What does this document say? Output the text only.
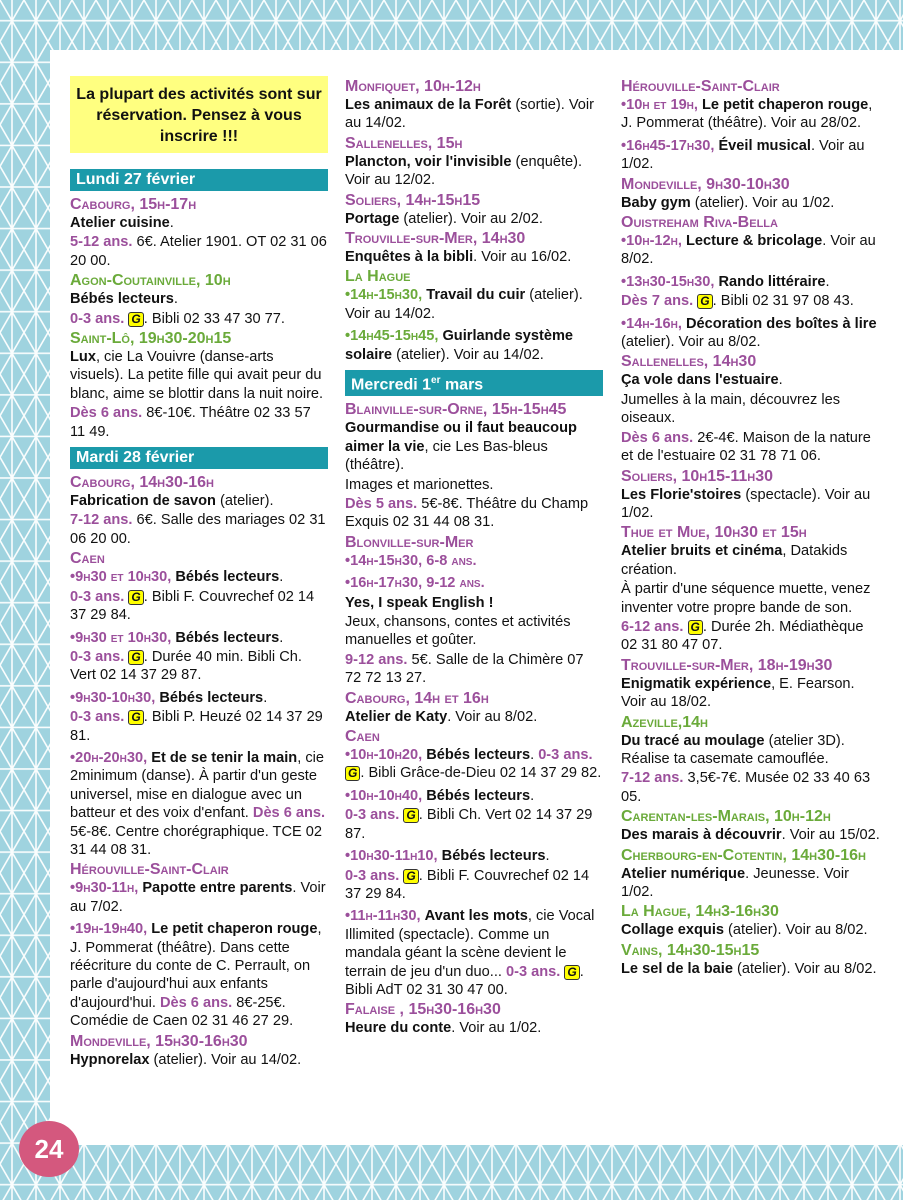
La plupart des activités sont sur réservation. Pensez à vous inscrire !!!
Lundi 27 février
Cabourg, 15h-17h

Atelier cuisine.

5-12 ans. 6€. Atelier 1901. OT 02 31 06 20 00.

Agon-Coutainville, 10h

Bébés lecteurs.

0-3 ans. G . Bibli 02 33 47 30 77.

Saint-Lô, 19h30-20h15

Lux, cie La Vouivre (danse-arts visuels). La petite fille qui avait peur du blanc, aime se blottir dans la nuit noire.

Dès 6 ans. 8€-10€. Théâtre 02 33 57 11 49.

Mardi 28 février
Cabourg, 14h30-16h

Fabrication de savon (atelier).

7-12 ans. 6€. Salle des mariages 02 31 06 20 00.

Caen

•9h30 et 10h30, Bébés lecteurs.

0-3 ans. G . Bibli F. Couvrechef 02 14 37 29 84.

•9h30 et 10h30, Bébés lecteurs.

0-3 ans. G . Durée 40 min. Bibli Ch. Vert 02 14 37 29 87.

•9h30-10h30, Bébés lecteurs.

0-3 ans. G . Bibli P. Heuzé 02 14 37 29 81.

•20h-20h30, Et de se tenir la main, cie 2minimum (danse). À partir d'un geste universel, mise en dialogue avec un batteur et des voix d'enfant. Dès 6 ans. 5€-8€. Centre chorégraphique. TCE 02 31 44 08 31.

Hérouville-Saint-Clair

•9h30-11h, Papotte entre parents. Voir au 7/02.

•19h-19h40, Le petit chaperon rouge, J. Pommerat (théâtre). Dans cette réécriture du conte de C. Perrault, on parle d'aujourd'hui aux enfants d'aujourd'hui. Dès 6 ans. 8€-25€. Comédie de Caen 02 31 46 27 29.

Mondeville, 15h30-16h30

Hypnorelax (atelier). Voir au 14/02.

Monfiquet, 10h-12h

Les animaux de la Forêt (sortie). Voir au 14/02.

Sallenelles, 15h

Plancton, voir l'invisible (enquête). Voir au 12/02.

Soliers, 14h-15h15

Portage (atelier). Voir au 2/02.

Trouville-sur-Mer, 14h30

Enquêtes à la bibli. Voir au 16/02.

La Hague

•14h-15h30, Travail du cuir (atelier). Voir au 14/02.

•14h45-15h45, Guirlande système solaire (atelier). Voir au 14/02.

Mercredi 1er mars
Blainville-sur-Orne, 15h-15h45

Gourmandise ou il faut beaucoup aimer la vie, cie Les Bas-bleus (théâtre).

Images et marionettes.

Dès 5 ans. 5€-8€. Théâtre du Champ Exquis 02 31 44 08 31.

Blonville-sur-Mer

•14h-15h30, 6-8 ans.

•16h-17h30, 9-12 ans.

Yes, I speak English !

Jeux, chansons, contes et activités manuelles et goûter.

9-12 ans. 5€. Salle de la Chimère 07 72 72 13 27.

Cabourg, 14h et 16h

Atelier de Katy. Voir au 8/02.

Caen

•10h-10h20, Bébés lecteurs. 0-3 ans. G . Bibli Grâce-de-Dieu 02 14 37 29 82.

•10h-10h40, Bébés lecteurs.

0-3 ans. G . Bibli Ch. Vert 02 14 37 29 87.

•10h30-11h10, Bébés lecteurs.

0-3 ans. G . Bibli F. Couvrechef 02 14 37 29 84.

•11h-11h30, Avant les mots, cie Vocal Illimited (spectacle). Comme un mandala géant la scène devient le terrain de jeu d'un duo... 0-3 ans. G . Bibli AdT 02 31 30 47 00.

Falaise , 15h30-16h30

Heure du conte. Voir au 1/02.

Hérouville-Saint-Clair

•10h et 19h, Le petit chaperon rouge, J. Pommerat (théâtre). Voir au 28/02.

•16h45-17h30, Éveil musical. Voir au 1/02.

Mondeville, 9h30-10h30

Baby gym (atelier). Voir au 1/02.

Ouistreham Riva-Bella

•10h-12h, Lecture & bricolage. Voir au 8/02.

•13h30-15h30, Rando littéraire.

Dès 7 ans. G . Bibli 02 31 97 08 43.

•14h-16h, Décoration des boîtes à lire (atelier). Voir au 8/02.

Sallenelles, 14h30

Ça vole dans l'estuaire.

Jumelles à la main, découvrez les oiseaux.

Dès 6 ans. 2€-4€. Maison de la nature et de l'estuaire 02 31 78 71 06.

Soliers, 10h15-11h30

Les Florie'stoires (spectacle). Voir au 1/02.

Thue et Mue, 10h30 et 15h

Atelier bruits et cinéma, Datakids création.

À partir d'une séquence muette, venez inventer votre propre bande de son.

6-12 ans. G . Durée 2h. Médiathèque 02 31 80 47 07.

Trouville-sur-Mer, 18h-19h30

Enigmatik expérience, E. Fearson. Voir au 18/02.

Azeville,14h

Du tracé au moulage (atelier 3D). Réalise ta casemate camouflée.

7-12 ans. 3,5€-7€. Musée 02 33 40 63 05.

Carentan-les-Marais, 10h-12h

Des marais à découvrir. Voir au 15/02.

Cherbourg-en-Cotentin, 14h30-16h

Atelier numérique. Jeunesse. Voir 1/02.

La Hague, 14h3-16h30

Collage exquis (atelier). Voir au 8/02.

Vains, 14h30-15h15

Le sel de la baie (atelier). Voir au 8/02.

24
